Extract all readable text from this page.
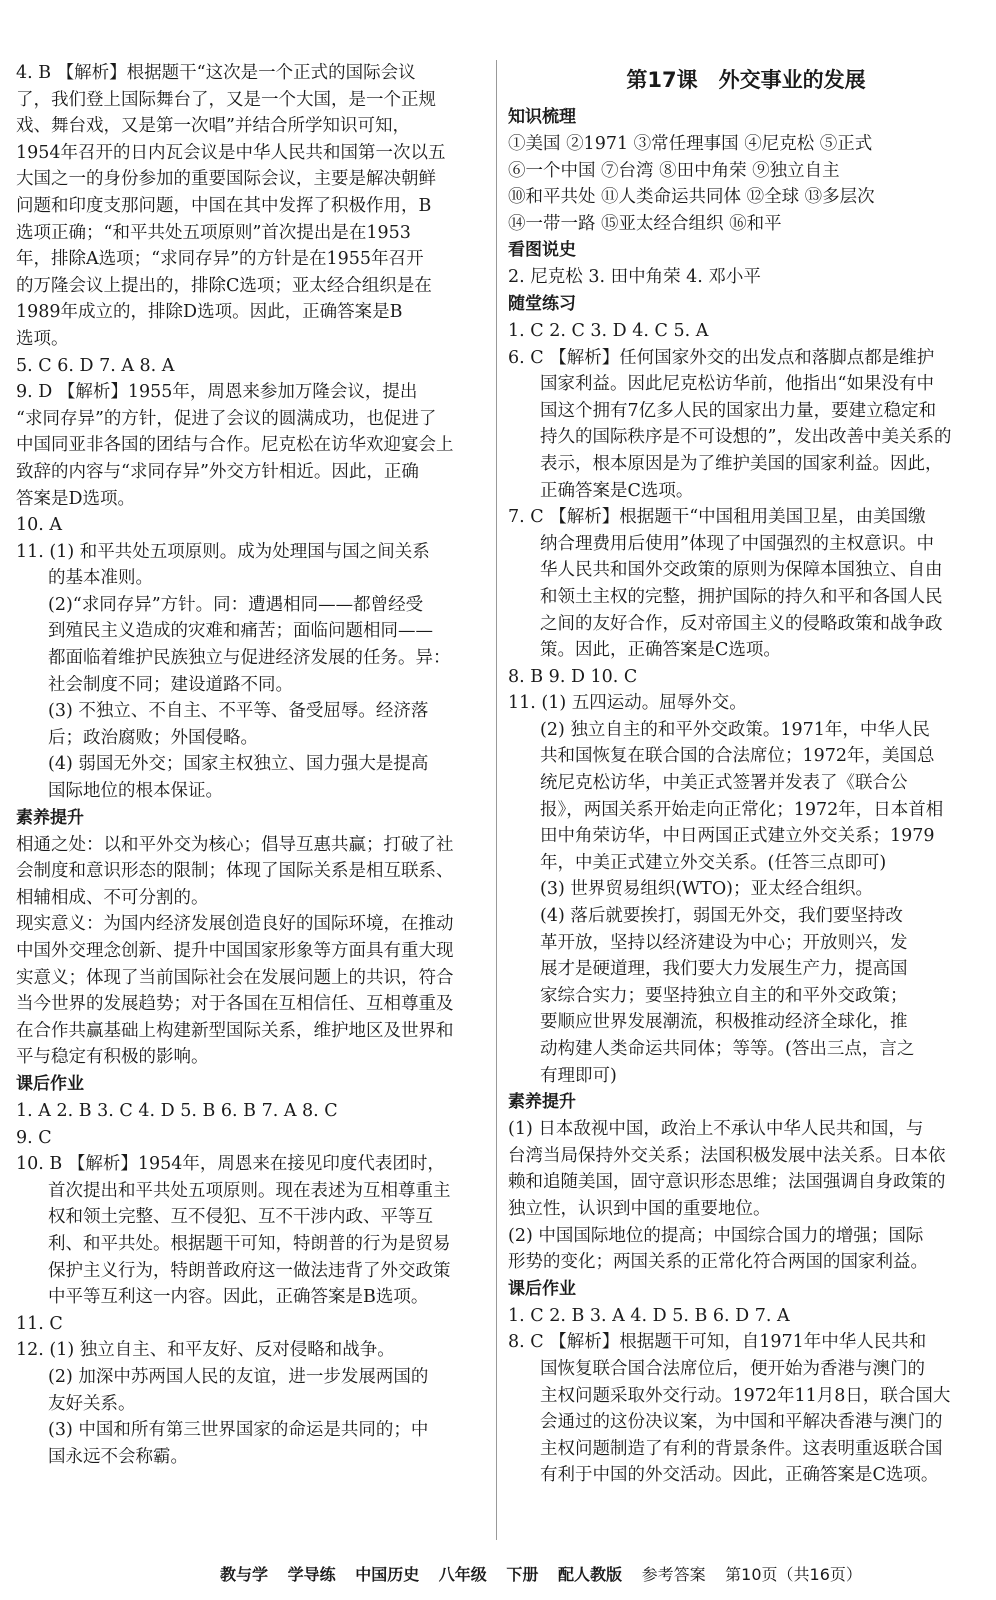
4. B 【解析】根据题干“这次是一个正式的国际会议
了，我们登上国际舞台了，又是一个大国，是一个正规
戏、舞台戏，又是第一次唱”并结合所学知识可知，
1954年召开的日内瓦会议是中华人民共和国第一次以五
大国之一的身份参加的重要国际会议，主要是解决朝鲜
问题和印度支那问题，中国在其中发挥了积极作用，B
选项正确；“和平共处五项原则”首次提出是在1953
年，排除A选项；“求同存异”的方针是在1955年召开
的万隆会议上提出的，排除C选项；亚太经合组织是在
1989年成立的，排除D选项。因此，正确答案是B
选项。
5. C 6. D 7. A 8. A
9. D 【解析】1955年，周恩来参加万隆会议，提出
“求同存异”的方针，促进了会议的圆满成功，也促进了
中国同亚非各国的团结与合作。尼克松在访华欢迎宴会上
致辞的内容与“求同存异”外交方针相近。因此，正确
答案是D选项。
10. A
11. (1) 和平共处五项原则。成为处理国与国之间关系
的基本准则。
(2)“求同存异”方针。同：遭遇相同——都曾经受
到殖民主义造成的灾难和痛苦；面临问题相同——
都面临着维护民族独立与促进经济发展的任务。异：
社会制度不同；建设道路不同。
(3) 不独立、不自主、不平等、备受屈辱。经济落
后；政治腐败；外国侵略。
(4) 弱国无外交；国家主权独立、国力强大是提高
国际地位的根本保证。
素养提升
相通之处：以和平外交为核心；倡导互惠共赢；打破了社
会制度和意识形态的限制；体现了国际关系是相互联系、
相辅相成、不可分割的。
现实意义：为国内经济发展创造良好的国际环境，在推动
中国外交理念创新、提升中国国家形象等方面具有重大现
实意义；体现了当前国际社会在发展问题上的共识，符合
当今世界的发展趋势；对于各国在互相信任、互相尊重及
在合作共赢基础上构建新型国际关系，维护地区及世界和
平与稳定有积极的影响。
课后作业
1. A 2. B 3. C 4. D 5. B 6. B 7. A 8. C
9. C
10. B 【解析】1954年，周恩来在接见印度代表团时，
首次提出和平共处五项原则。现在表述为互相尊重主
权和领土完整、互不侵犯、互不干涉内政、平等互
利、和平共处。根据题干可知，特朗普的行为是贸易
保护主义行为，特朗普政府这一做法违背了外交政策
中平等互利这一内容。因此，正确答案是B选项。
11. C
12. (1) 独立自主、和平友好、反对侵略和战争。
(2) 加深中苏两国人民的友谊，进一步发展两国的
友好关系。
(3) 中国和所有第三世界国家的命运是共同的；中
国永远不会称霸。
第17课　外交事业的发展
知识梳理
①美国 ②1971 ③常任理事国 ④尼克松 ⑤正式
⑥一个中国 ⑦台湾 ⑧田中角荣 ⑨独立自主
⑩和平共处 ⑪人类命运共同体 ⑫全球 ⑬多层次
⑭一带一路 ⑮亚太经合组织 ⑯和平
看图说史
2. 尼克松 3. 田中角荣 4. 邓小平
随堂练习
1. C 2. C 3. D 4. C 5. A
6. C 【解析】任何国家外交的出发点和落脚点都是维护
国家利益。因此尼克松访华前，他指出“如果没有中
国这个拥有7亿多人民的国家出力量，要建立稳定和
持久的国际秩序是不可设想的”，发出改善中美关系的
表示，根本原因是为了维护美国的国家利益。因此，
正确答案是C选项。
7. C 【解析】根据题干“中国租用美国卫星，由美国缴
纳合理费用后使用”体现了中国强烈的主权意识。中
华人民共和国外交政策的原则为保障本国独立、自由
和领土主权的完整，拥护国际的持久和平和各国人民
之间的友好合作，反对帝国主义的侵略政策和战争政
策。因此，正确答案是C选项。
8. B 9. D 10. C
11. (1) 五四运动。屈辱外交。
(2) 独立自主的和平外交政策。1971年，中华人民
共和国恢复在联合国的合法席位；1972年，美国总
统尼克松访华，中美正式签署并发表了《联合公
报》，两国关系开始走向正常化；1972年，日本首相
田中角荣访华，中日两国正式建立外交关系；1979
年，中美正式建立外交关系。(任答三点即可)
(3) 世界贸易组织(WTO)；亚太经合组织。
(4) 落后就要挨打，弱国无外交，我们要坚持改
革开放，坚持以经济建设为中心；开放则兴，发
展才是硬道理，我们要大力发展生产力，提高国
家综合实力；要坚持独立自主的和平外交政策；
要顺应世界发展潮流，积极推动经济全球化，推
动构建人类命运共同体；等等。(答出三点，言之
有理即可)
素养提升
(1) 日本敌视中国，政治上不承认中华人民共和国，与
台湾当局保持外交关系；法国积极发展中法关系。日本依
赖和追随美国，固守意识形态思维；法国强调自身政策的
独立性，认识到中国的重要地位。
(2) 中国国际地位的提高；中国综合国力的增强；国际
形势的变化；两国关系的正常化符合两国的国家利益。
课后作业
1. C 2. B 3. A 4. D 5. B 6. D 7. A
8. C 【解析】根据题干可知，自1971年中华人民共和
国恢复联合国合法席位后，便开始为香港与澳门的
主权问题采取外交行动。1972年11月8日，联合国大
会通过的这份决议案，为中国和平解决香港与澳门的
主权问题制造了有利的背景条件。这表明重返联合国
有利于中国的外交活动。因此，正确答案是C选项。
教与学 学导练 中国历史 八年级 下册 配人教版 参考答案 第10页（共16页）
